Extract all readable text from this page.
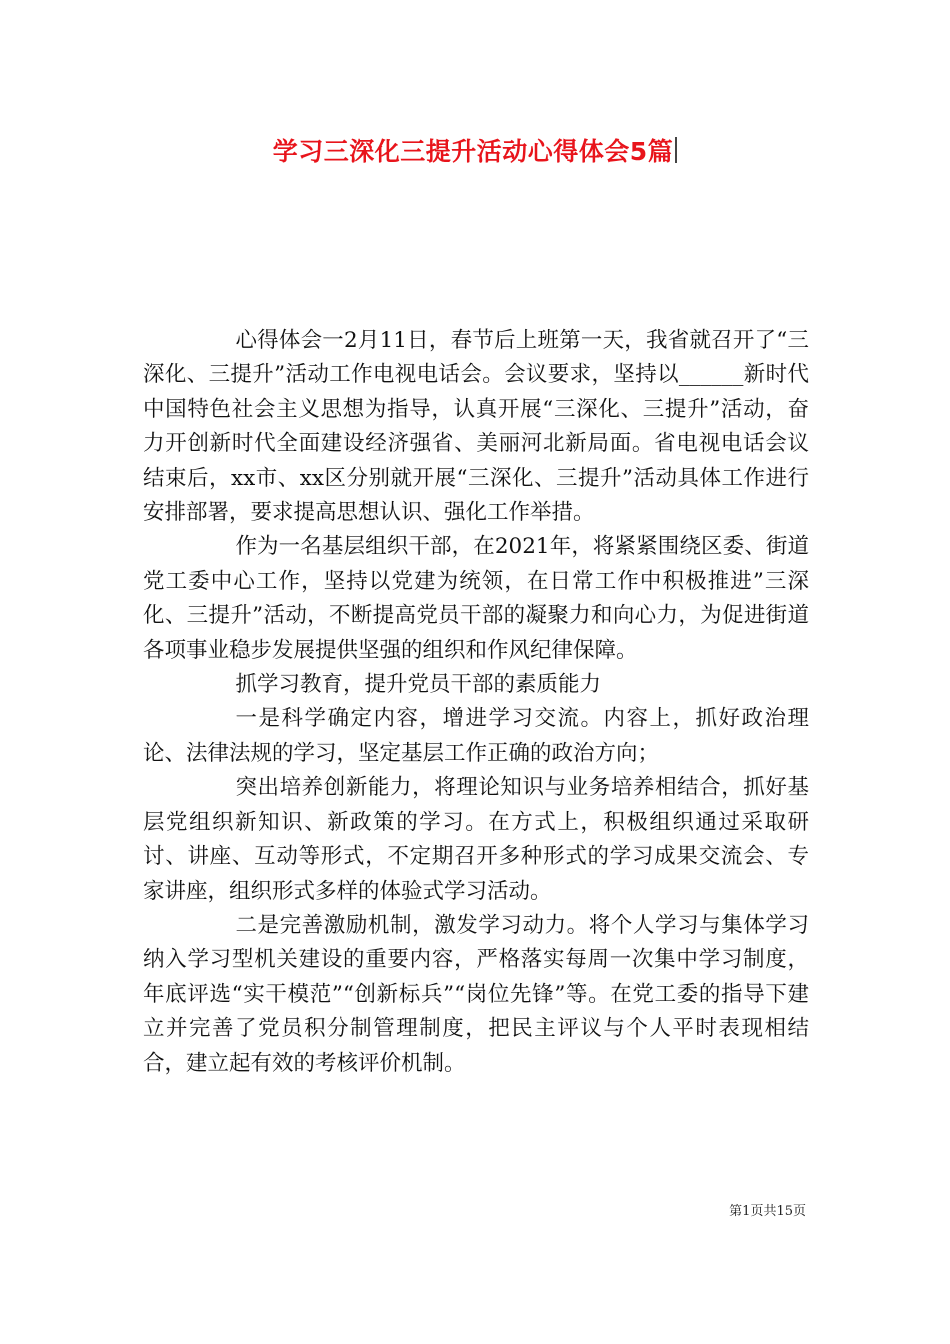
学习三深化三提升活动心得体会5篇

心得体会一2月11日，春节后上班第一天，我省就召开了“三深化、三提升”活动工作电视电话会。会议要求，坚持以______新时代中国特色社会主义思想为指导，认真开展“三深化、三提升”活动，奋力开创新时代全面建设经济强省、美丽河北新局面。省电视电话会议结束后，xx市、xx区分别就开展“三深化、三提升”活动具体工作进行安排部署，要求提高思想认识、强化工作举措。

作为一名基层组织干部，在2021年，将紧紧围绕区委、街道党工委中心工作，坚持以党建为统领，在日常工作中积极推进”三深化、三提升”活动，不断提高党员干部的凝聚力和向心力，为促进街道各项事业稳步发展提供坚强的组织和作风纪律保障。

抓学习教育，提升党员干部的素质能力

一是科学确定内容，增进学习交流。内容上，抓好政治理论、法律法规的学习，坚定基层工作正确的政治方向；

突出培养创新能力，将理论知识与业务培养相结合，抓好基层党组织新知识、新政策的学习。在方式上，积极组织通过采取研讨、讲座、互动等形式，不定期召开多种形式的学习成果交流会、专家讲座，组织形式多样的体验式学习活动。

二是完善激励机制，激发学习动力。将个人学习与集体学习纳入学习型机关建设的重要内容，严格落实每周一次集中学习制度，年底评选“实干模范”“创新标兵”“岗位先锋”等。在党工委的指导下建立并完善了党员积分制管理制度，把民主评议与个人平时表现相结合，建立起有效的考核评价机制。

第1页共15页
